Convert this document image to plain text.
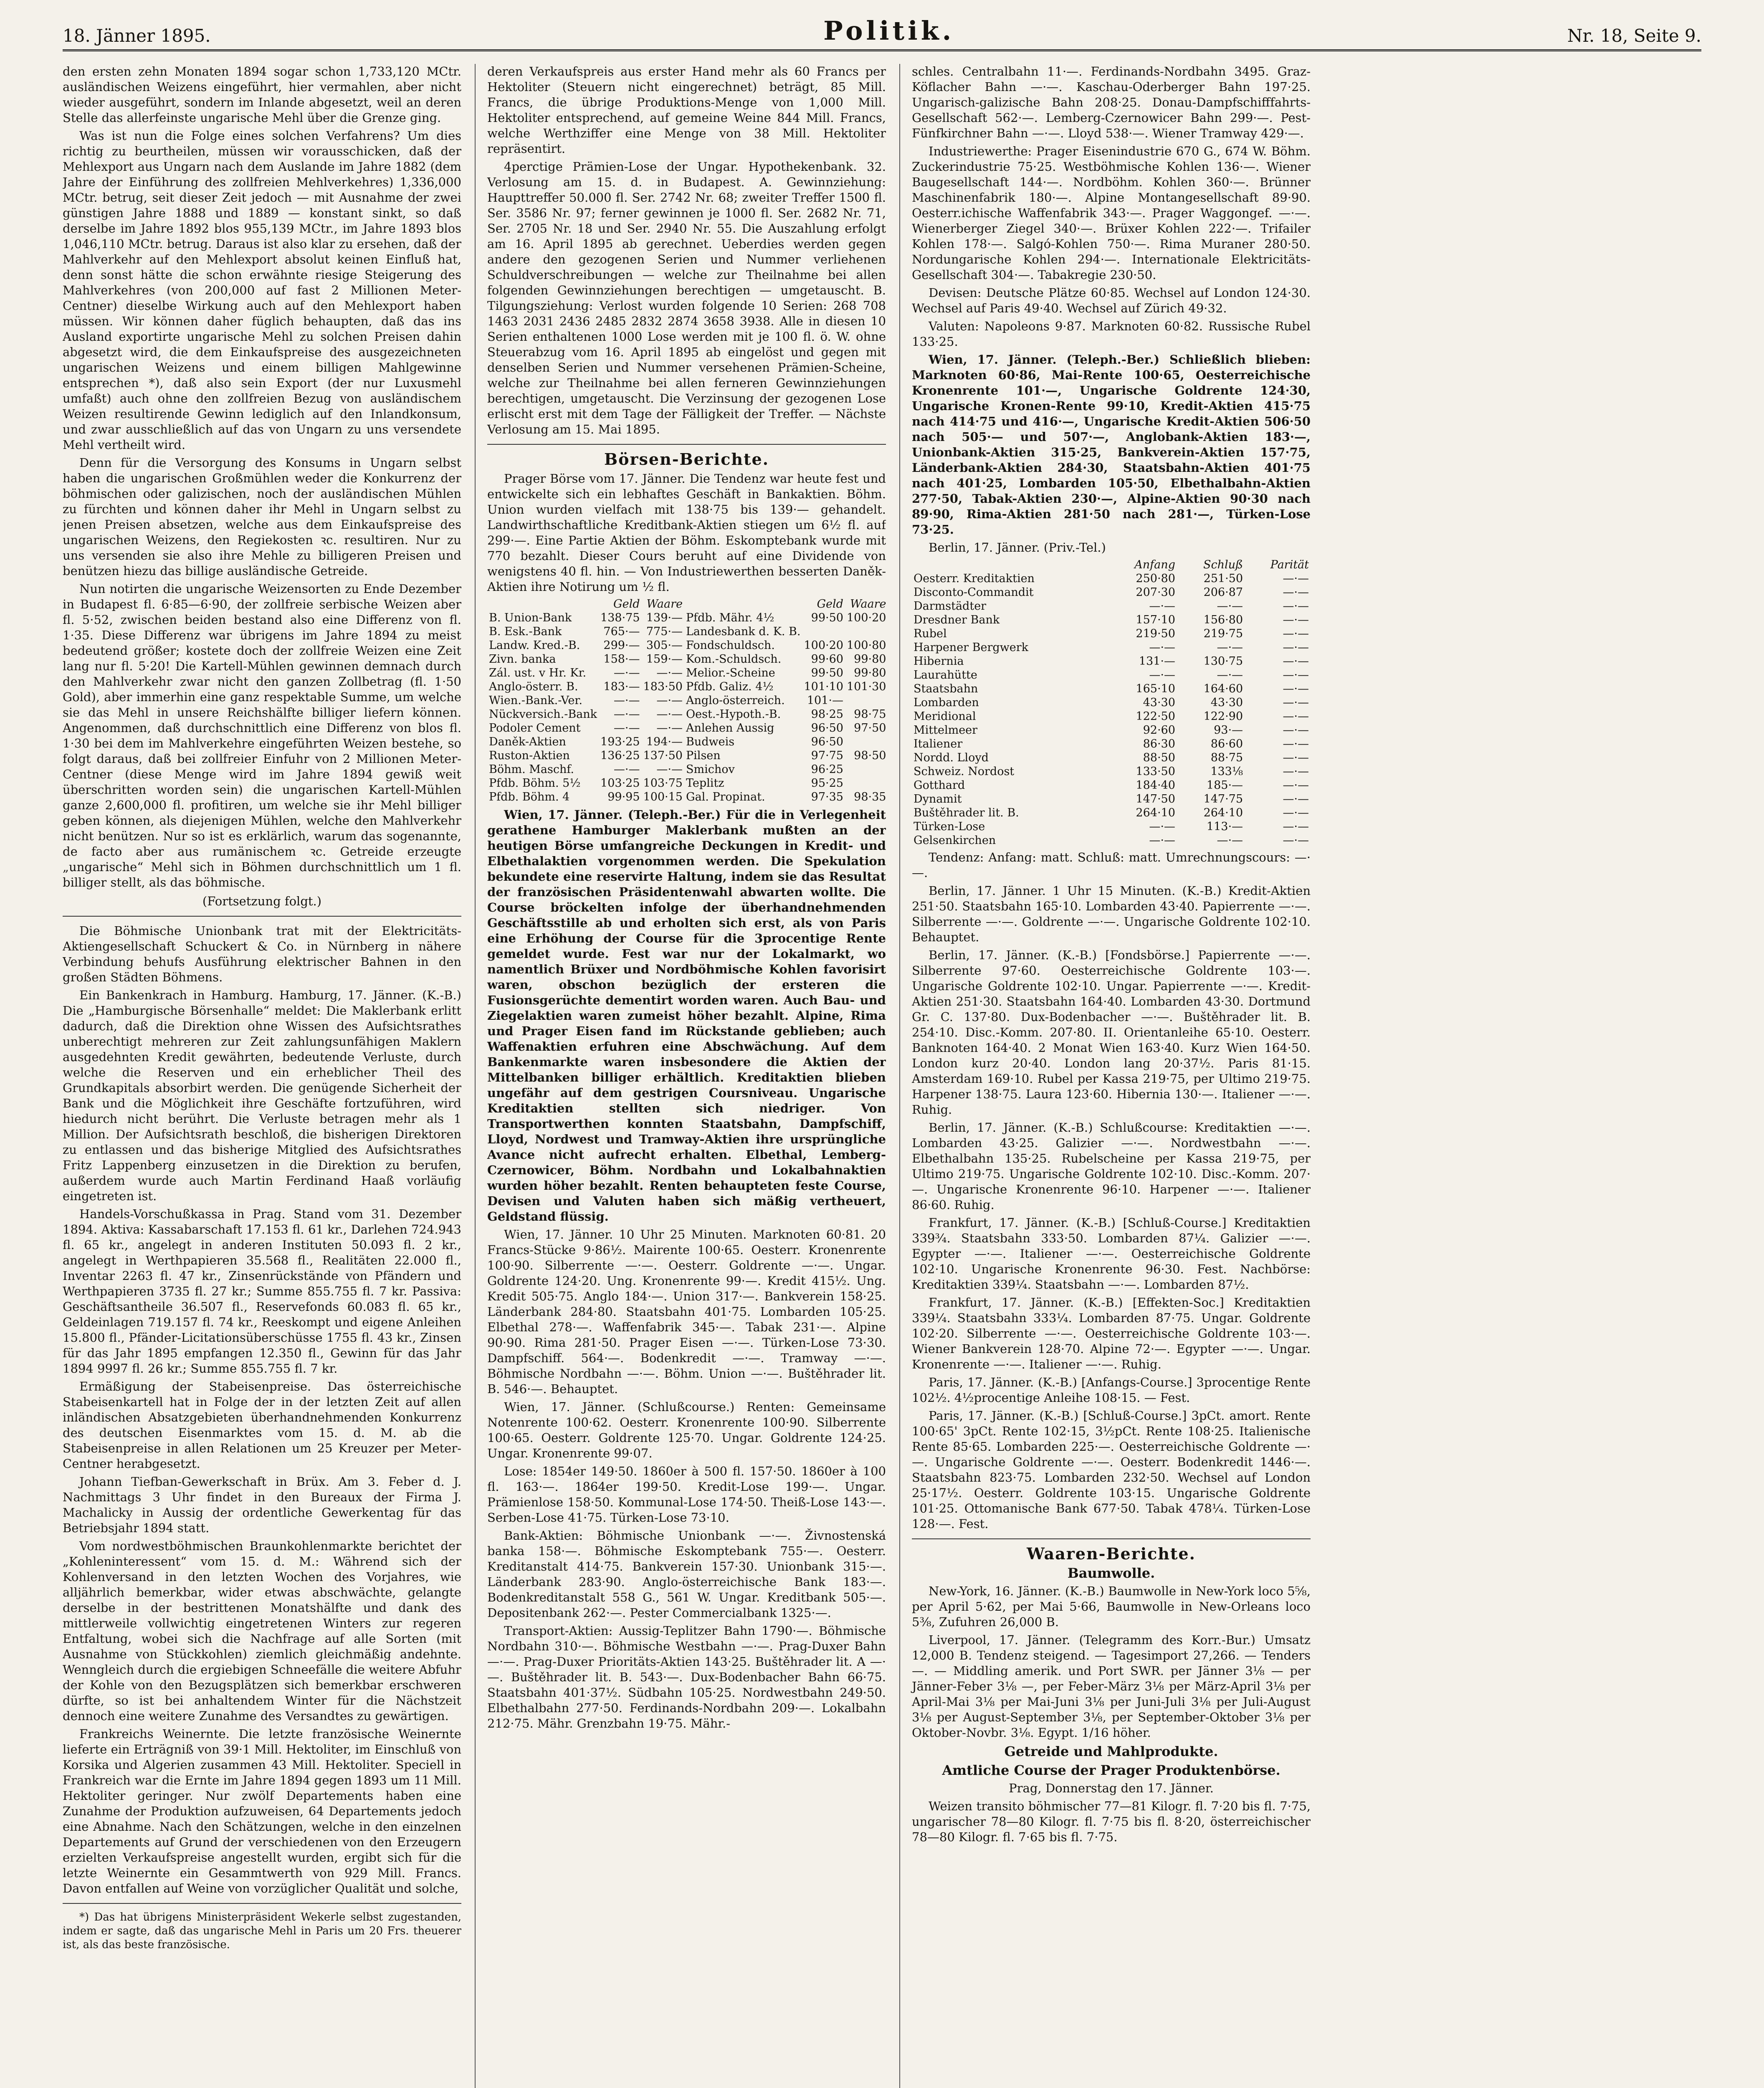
18. Jänner 1895.	Politik.	Nr. 18, Seite 9.

den ersten zehn Monaten 1894 sogar schon 1,733,120 MCtr. ausländischen Weizens eingeführt, hier vermahlen, aber nicht wieder ausgeführt, sondern im Inlande abgesetzt, weil an deren Stelle das allerfeinste ungarische Mehl über die Grenze ging.

Was ist nun die Folge eines solchen Verfahrens? Um dies richtig zu beurtheilen, müssen wir vorausschicken, daß der Mehlexport aus Ungarn nach dem Auslande im Jahre 1882 (dem Jahre der Einführung des zollfreien Mehlverkehres) 1,336,000 MCtr. betrug, seit dieser Zeit jedoch — mit Ausnahme der zwei günstigen Jahre 1888 und 1889 — konstant sinkt, so daß derselbe im Jahre 1892 blos 955,139 MCtr., im Jahre 1893 blos 1,046,110 MCtr. betrug. Daraus ist also klar zu ersehen, daß der Mahlverkehr auf den Mehlexport absolut keinen Einfluß hat, denn sonst hätte die schon erwähnte riesige Steigerung des Mahlverkehres (von 200,000 auf fast 2 Millionen Meter-Centner) dieselbe Wirkung auch auf den Mehlexport haben müssen. Wir können daher füglich behaupten, daß das ins Ausland exportirte ungarische Mehl zu solchen Preisen dahin abgesetzt wird, die dem Einkaufspreise des ausgezeichneten ungarischen Weizens und einem billigen Mahlgewinne entsprechen *), daß also sein Export (der nur Luxusmehl umfaßt) auch ohne den zollfreien Bezug von ausländischem Weizen resultirende Gewinn lediglich auf den Inlandkonsum, und zwar ausschließlich auf das von Ungarn zu uns versendete Mehl vertheilt wird.

Denn für die Versorgung des Konsums in Ungarn selbst haben die ungarischen Großmühlen weder die Konkurrenz der böhmischen oder galizischen, noch der ausländischen Mühlen zu fürchten und können daher ihr Mehl in Ungarn selbst zu jenen Preisen absetzen, welche aus dem Einkaufspreise des ungarischen Weizens, den Regiekosten ꝛc. resultiren. Nur zu uns versenden sie also ihre Mehle zu billigeren Preisen und benützen hiezu das billige ausländische Getreide.

Nun notirten die ungarische Weizensorten zu Ende Dezember in Budapest fl. 6·85—6·90, der zollfreie serbische Weizen aber fl. 5·52, zwischen beiden bestand also eine Differenz von fl. 1·35. Diese Differenz war übrigens im Jahre 1894 zu meist bedeutend größer; kostete doch der zollfreie Weizen eine Zeit lang nur fl. 5·20! Die Kartell-Mühlen gewinnen demnach durch den Mahlverkehr zwar nicht den ganzen Zollbetrag (fl. 1·50 Gold), aber immerhin eine ganz respektable Summe, um welche sie das Mehl in unsere Reichshälfte billiger liefern können. Angenommen, daß durchschnittlich eine Differenz von blos fl. 1·30 bei dem im Mahlverkehre eingeführten Weizen bestehe, so folgt daraus, daß bei zollfreier Einfuhr von 2 Millionen Meter-Centner (diese Menge wird im Jahre 1894 gewiß weit überschritten worden sein) die ungarischen Kartell-Mühlen ganze 2,600,000 fl. profitiren, um welche sie ihr Mehl billiger geben können, als diejenigen Mühlen, welche den Mahlverkehr nicht benützen. Nur so ist es erklärlich, warum das sogenannte, de facto aber aus rumänischem ꝛc. Getreide erzeugte „ungarische“ Mehl sich in Böhmen durchschnittlich um 1 fl. billiger stellt, als das böhmische.

(Fortsetzung folgt.)

Die Böhmische Unionbank trat mit der Elektricitäts-Aktiengesellschaft Schuckert & Co. in Nürnberg in nähere Verbindung behufs Ausführung elektrischer Bahnen in den großen Städten Böhmens.

Ein Bankenkrach in Hamburg. Hamburg, 17. Jänner. (K.-B.) Die „Hamburgische Börsenhalle“ meldet: Die Maklerbank erlitt dadurch, daß die Direktion ohne Wissen des Aufsichtsrathes unberechtigt mehreren zur Zeit zahlungsunfähigen Maklern ausgedehnten Kredit gewährten, bedeutende Verluste, durch welche die Reserven und ein erheblicher Theil des Grundkapitals absorbirt werden. Die genügende Sicherheit der Bank und die Möglichkeit ihre Geschäfte fortzuführen, wird hiedurch nicht berührt. Die Verluste betragen mehr als 1 Million. Der Aufsichtsrath beschloß, die bisherigen Direktoren zu entlassen und das bisherige Mitglied des Aufsichtsrathes Fritz Lappenberg einzusetzen in die Direktion zu berufen, außerdem wurde auch Martin Ferdinand Haaß vorläufig eingetreten ist.

Handels-Vorschußkassa in Prag. Stand vom 31. Dezember 1894. Aktiva: Kassabarschaft 17.153 fl. 61 kr., Darlehen 724.943 fl. 65 kr., angelegt in anderen Instituten 50.093 fl. 2 kr., angelegt in Werthpapieren 35.568 fl., Realitäten 22.000 fl., Inventar 2263 fl. 47 kr., Zinsenrückstände von Pfändern und Werthpapieren 3735 fl. 27 kr.; Summe 855.755 fl. 7 kr. Passiva: Geschäftsantheile 36.507 fl., Reservefonds 60.083 fl. 65 kr., Geldeinlagen 719.157 fl. 74 kr., Reeskompt und eigene Anleihen 15.800 fl., Pfänder-Licitationsüberschüsse 1755 fl. 43 kr., Zinsen für das Jahr 1895 empfangen 12.350 fl., Gewinn für das Jahr 1894 9997 fl. 26 kr.; Summe 855.755 fl. 7 kr.

Ermäßigung der Stabeisenpreise. Das österreichische Stabeisenkartell hat in Folge der in der letzten Zeit auf allen inländischen Absatzgebieten überhandnehmenden Konkurrenz des deutschen Eisenmarktes vom 15. d. M. ab die Stabeisenpreise in allen Relationen um 25 Kreuzer per Meter-Centner herabgesetzt.

Johann Tiefban-Gewerkschaft in Brüx. Am 3. Feber d. J. Nachmittags 3 Uhr findet in den Bureaux der Firma J. Machalicky in Aussig der ordentliche Gewerkentag für das Betriebsjahr 1894 statt.

Vom nordwestböhmischen Braunkohlenmarkte berichtet der „Kohleninteressent“ vom 15. d. M.: Während sich der Kohlenversand in den letzten Wochen des Vorjahres, wie alljährlich bemerkbar, wider etwas abschwächte, gelangte derselbe in der bestrittenen Monatshälfte und dank des mittlerweile vollwichtig eingetretenen Winters zur regeren Entfaltung, wobei sich die Nachfrage auf alle Sorten (mit Ausnahme von Stückkohlen) ziemlich gleichmäßig andehnte. Wenngleich durch die ergiebigen Schneefälle die weitere Abfuhr der Kohle von den Bezugsplätzen sich bemerkbar erschweren dürfte, so ist bei anhaltendem Winter für die Nächstzeit dennoch eine weitere Zunahme des Versandtes zu gewärtigen.

Frankreichs Weinernte. Die letzte französische Weinernte lieferte ein Erträgniß von 39·1 Mill. Hektoliter, im Einschluß von Korsika und Algerien zusammen 43 Mill. Hektoliter. Speciell in Frankreich war die Ernte im Jahre 1894 gegen 1893 um 11 Mill. Hektoliter geringer. Nur zwölf Departements haben eine Zunahme der Produktion aufzuweisen, 64 Departements jedoch eine Abnahme. Nach den Schätzungen, welche in den einzelnen Departements auf Grund der verschiedenen von den Erzeugern erzielten Verkaufspreise angestellt wurden, ergibt sich für die letzte Weinernte ein Gesammtwerth von 929 Mill. Francs. Davon entfallen auf Weine von vorzüglicher Qualität und solche,

*) Das hat übrigens Ministerpräsident Wekerle selbst zugestanden, indem er sagte, daß das ungarische Mehl in Paris um 20 Frs. theuerer ist, als das beste französische.

deren Verkaufspreis aus erster Hand mehr als 60 Francs per Hektoliter (Steuern nicht eingerechnet) beträgt, 85 Mill. Francs, die übrige Produktions-Menge von 1,000 Mill. Hektoliter entsprechend, auf gemeine Weine 844 Mill. Francs, welche Werthziffer eine Menge von 38 Mill. Hektoliter repräsentirt.

4perctige Prämien-Lose der Ungar. Hypothekenbank. 32. Verlosung am 15. d. in Budapest. A. Gewinnziehung: Haupttreffer 50.000 fl. Ser. 2742 Nr. 68; zweiter Treffer 1500 fl. Ser. 3586 Nr. 97; ferner gewinnen je 1000 fl. Ser. 2682 Nr. 71, Ser. 2705 Nr. 18 und Ser. 2940 Nr. 55. Die Auszahlung erfolgt am 16. April 1895 ab gerechnet. Ueberdies werden gegen andere den gezogenen Serien und Nummer verliehenen Schuldverschreibungen — welche zur Theilnahme bei allen folgenden Gewinnziehungen berechtigen — umgetauscht. B. Tilgungsziehung: Verlost wurden folgende 10 Serien: 268 708 1463 2031 2436 2485 2832 2874 3658 3938. Alle in diesen 10 Serien enthaltenen 1000 Lose werden mit je 100 fl. ö. W. ohne Steuerabzug vom 16. April 1895 ab eingelöst und gegen mit denselben Serien und Nummer versehenen Prämien-Scheine, welche zur Theilnahme bei allen ferneren Gewinnziehungen berechtigen, umgetauscht. Die Verzinsung der gezogenen Lose erlischt erst mit dem Tage der Fälligkeit der Treffer. — Nächste Verlosung am 15. Mai 1895.

Börsen-Berichte.

Prager Börse vom 17. Jänner. Die Tendenz war heute fest und entwickelte sich ein lebhaftes Geschäft in Bankaktien. Böhm. Union wurden vielfach mit 138·75 bis 139·— gehandelt. Landwirthschaftliche Kreditbank-Aktien stiegen um 6½ fl. auf 299·—. Eine Partie Aktien der Böhm. Eskomptebank wurde mit 770 bezahlt. Dieser Cours beruht auf eine Dividende von wenigstens 40 fl. hin. — Von Industriewerthen besserten Daněk-Aktien ihre Notirung um ½ fl.

	Geld	Waare		Geld	Waare
B. Union-Bank	138·75	139·—	Pfdb. Mähr. 4½	99·50	100·20
B. Esk.-Bank	765·—	775·—	Landesbank d. K. B.		
Landw. Kred.-B.	299·—	305·—	Fondschuldsch.	100·20	100·80
Zivn. banka	158·—	159·—	Kom.-Schuldsch.	99·60	99·80
Zál. ust. v Hr. Kr.	—·—	—·—	Melior.-Scheine	99·50	99·80
Anglo-österr. B.	183·—	183·50	Pfdb. Galiz. 4½	101·10	101·30
Wien.-Bank.-Ver.	—·—	—·—	Anglo-österreich.	101·—	
Nückversich.-Bank	—·—	—·—	Oest.-Hypoth.-B.	98·25	98·75
Podoler Cement	—·—	—·—	Anlehen Aussig	96·50	97·50
Daněk-Aktien	193·25	194·—	Budweis	96·50	
Ruston-Aktien	136·25	137·50	Pilsen	97·75	98·50
Böhm. Maschf.	—·—	—·—	Smichov	96·25	
Pfdb. Böhm. 5½	103·25	103·75	Teplitz	95·25	
Pfdb. Böhm. 4	99·95	100·15	Gal. Propinat.	97·35	98·35

Wien, 17. Jänner. (Teleph.-Ber.) Für die in Verlegenheit gerathene Hamburger Maklerbank mußten an der heutigen Börse umfangreiche Deckungen in Kredit- und Elbethalaktien vorgenommen werden. Die Spekulation bekundete eine reservirte Haltung, indem sie das Resultat der französischen Präsidentenwahl abwarten wollte. Die Course bröckelten infolge der überhandnehmenden Geschäftsstille ab und erholten sich erst, als von Paris eine Erhöhung der Course für die 3procentige Rente gemeldet wurde. Fest war nur der Lokalmarkt, wo namentlich Brüxer und Nordböhmische Kohlen favorisirt waren, obschon bezüglich der ersteren die Fusionsgerüchte dementirt worden waren. Auch Bau- und Ziegelaktien waren zumeist höher bezahlt. Alpine, Rima und Prager Eisen fand im Rückstande geblieben; auch Waffenaktien erfuhren eine Abschwächung. Auf dem Bankenmarkte waren insbesondere die Aktien der Mittelbanken billiger erhältlich. Kreditaktien blieben ungefähr auf dem gestrigen Coursniveau. Ungarische Kreditaktien stellten sich niedriger. Von Transportwerthen konnten Staatsbahn, Dampfschiff, Lloyd, Nordwest und Tramway-Aktien ihre ursprüngliche Avance nicht aufrecht erhalten. Elbethal, Lemberg-Czernowicer, Böhm. Nordbahn und Lokalbahnaktien wurden höher bezahlt. Renten behaupteten feste Course, Devisen und Valuten haben sich mäßig vertheuert, Geldstand flüssig.

Wien, 17. Jänner. 10 Uhr 25 Minuten. Marknoten 60·81. 20 Francs-Stücke 9·86½. Mairente 100·65. Oesterr. Kronenrente 100·90. Silberrente —·—. Oesterr. Goldrente —·—. Ungar. Goldrente 124·20. Ung. Kronenrente 99·—. Kredit 415½. Ung. Kredit 505·75. Anglo 184·—. Union 317·—. Bankverein 158·25. Länderbank 284·80. Staatsbahn 401·75. Lombarden 105·25. Elbethal 278·—. Waffenfabrik 345·—. Tabak 231·—. Alpine 90·90. Rima 281·50. Prager Eisen —·—. Türken-Lose 73·30. Dampfschiff. 564·—. Bodenkredit —·—. Tramway —·—. Böhmische Nordbahn —·—. Böhm. Union —·—. Buštěhrader lit. B. 546·—. Behauptet.

Wien, 17. Jänner. (Schlußcourse.) Renten: Gemeinsame Notenrente 100·62. Oesterr. Kronenrente 100·90. Silberrente 100·65. Oesterr. Goldrente 125·70. Ungar. Goldrente 124·25. Ungar. Kronenrente 99·07.

Lose: 1854er 149·50. 1860er à 500 fl. 157·50. 1860er à 100 fl. 163·—. 1864er 199·50. Kredit-Lose 199·—. Ungar. Prämienlose 158·50. Kommunal-Lose 174·50. Theiß-Lose 143·—. Serben-Lose 41·75. Türken-Lose 73·10.

Bank-Aktien: Böhmische Unionbank —·—. Živnostenská banka 158·—. Böhmische Eskomptebank 755·—. Oesterr. Kreditanstalt 414·75. Bankverein 157·30. Unionbank 315·—. Länderbank 283·90. Anglo-österreichische Bank 183·—. Bodenkreditanstalt 558 G., 561 W. Ungar. Kreditbank 505·—. Depositenbank 262·—. Pester Commercialbank 1325·—.

Transport-Aktien: Aussig-Teplitzer Bahn 1790·—. Böhmische Nordbahn 310·—. Böhmische Westbahn —·—. Prag-Duxer Bahn —·—. Prag-Duxer Prioritäts-Aktien 143·25. Buštěhrader lit. A —·—. Buštěhrader lit. B. 543·—. Dux-Bodenbacher Bahn 66·75. Staatsbahn 401·37½. Südbahn 105·25. Nordwestbahn 249·50. Elbethalbahn 277·50. Ferdinands-Nordbahn 209·—. Lokalbahn 212·75. Mähr. Grenzbahn 19·75. Mähr.-

schles. Centralbahn 11·—. Ferdinands-Nordbahn 3495. Graz-Köflacher Bahn —·—. Kaschau-Oderberger Bahn 197·25. Ungarisch-galizische Bahn 208·25. Donau-Dampfschifffahrts-Gesellschaft 562·—. Lemberg-Czernowicer Bahn 299·—. Pest-Fünfkirchner Bahn —·—. Lloyd 538·—. Wiener Tramway 429·—.

Industriewerthe: Prager Eisenindustrie 670 G., 674 W. Böhm. Zuckerindustrie 75·25. Westböhmische Kohlen 136·—. Wiener Baugesellschaft 144·—. Nordböhm. Kohlen 360·—. Brünner Maschinenfabrik 180·—. Alpine Montangesellschaft 89·90. Oesterr.ichische Waffenfabrik 343·—. Prager Waggongef. —·—. Wienerberger Ziegel 340·—. Brüxer Kohlen 222·—. Trifailer Kohlen 178·—. Salgó-Kohlen 750·—. Rima Muraner 280·50. Nordungarische Kohlen 294·—. Internationale Elektricitäts-Gesellschaft 304·—. Tabakregie 230·50.

Devisen: Deutsche Plätze 60·85. Wechsel auf London 124·30. Wechsel auf Paris 49·40. Wechsel auf Zürich 49·32.

Valuten: Napoleons 9·87. Marknoten 60·82. Russische Rubel 133·25.

Wien, 17. Jänner. (Teleph.-Ber.) Schließlich blieben: Marknoten 60·86, Mai-Rente 100·65, Oesterreichische Kronenrente 101·—, Ungarische Goldrente 124·30, Ungarische Kronen-Rente 99·10, Kredit-Aktien 415·75 nach 414·75 und 416·—, Ungarische Kredit-Aktien 506·50 nach 505·— und 507·—, Anglobank-Aktien 183·—, Unionbank-Aktien 315·25, Bankverein-Aktien 157·75, Länderbank-Aktien 284·30, Staatsbahn-Aktien 401·75 nach 401·25, Lombarden 105·50, Elbethalbahn-Aktien 277·50, Tabak-Aktien 230·—, Alpine-Aktien 90·30 nach 89·90, Rima-Aktien 281·50 nach 281·—, Türken-Lose 73·25.

Berlin, 17. Jänner. (Priv.-Tel.)

	Anfang	Schluß	Parität
Oesterr. Kreditaktien	250·80	251·50	—·—
Disconto-Commandit	207·30	206·87	—·—
Darmstädter	—·—	—·—	—·—
Dresdner Bank	157·10	156·80	—·—
Rubel	219·50	219·75	—·—
Harpener Bergwerk	—·—	—·—	—·—
Hibernia	131·—	130·75	—·—
Laurahütte	—·—	—·—	—·—
Staatsbahn	165·10	164·60	—·—
Lombarden	43·30	43·30	—·—
Meridional	122·50	122·90	—·—
Mittelmeer	92·60	93·—	—·—
Italiener	86·30	86·60	—·—
Nordd. Lloyd	88·50	88·75	—·—
Schweiz. Nordost	133·50	133⅛	—·—
Gotthard	184·40	185·—	—·—
Dynamit	147·50	147·75	—·—
Buštěhrader lit. B.	264·10	264·10	—·—
Türken-Lose	—·—	113·—	—·—
Gelsenkirchen	—·—	—·—	—·—

Tendenz: Anfang: matt. Schluß: matt. Umrechnungscours: —·—.

Berlin, 17. Jänner. 1 Uhr 15 Minuten. (K.-B.) Kredit-Aktien 251·50. Staatsbahn 165·10. Lombarden 43·40. Papierrente —·—. Silberrente —·—. Goldrente —·—. Ungarische Goldrente 102·10. Behauptet.

Berlin, 17. Jänner. (K.-B.) [Fondsbörse.] Papierrente —·—. Silberrente 97·60. Oesterreichische Goldrente 103·—. Ungarische Goldrente 102·10. Ungar. Papierrente —·—. Kredit-Aktien 251·30. Staatsbahn 164·40. Lombarden 43·30. Dortmund Gr. C. 137·80. Dux-Bodenbacher —·—. Buštěhrader lit. B. 254·10. Disc.-Komm. 207·80. II. Orientanleihe 65·10. Oesterr. Banknoten 164·40. 2 Monat Wien 163·40. Kurz Wien 164·50. London kurz 20·40. London lang 20·37½. Paris 81·15. Amsterdam 169·10. Rubel per Kassa 219·75, per Ultimo 219·75. Harpener 138·75. Laura 123·60. Hibernia 130·—. Italiener —·—. Ruhig.

Berlin, 17. Jänner. (K.-B.) Schlußcourse: Kreditaktien —·—. Lombarden 43·25. Galizier —·—. Nordwestbahn —·—. Elbethalbahn 135·25. Rubelscheine per Kassa 219·75, per Ultimo 219·75. Ungarische Goldrente 102·10. Disc.-Komm. 207·—. Ungarische Kronenrente 96·10. Harpener —·—. Italiener 86·60. Ruhig.

Frankfurt, 17. Jänner. (K.-B.) [Schluß-Course.] Kreditaktien 339¾. Staatsbahn 333·50. Lombarden 87¼. Galizier —·—. Egypter —·—. Italiener —·—. Oesterreichische Goldrente 102·10. Ungarische Kronenrente 96·30. Fest. Nachbörse: Kreditaktien 339¼. Staatsbahn —·—. Lombarden 87½.

Frankfurt, 17. Jänner. (K.-B.) [Effekten-Soc.] Kreditaktien 339¼. Staatsbahn 333¼. Lombarden 87·75. Ungar. Goldrente 102·20. Silberrente —·—. Oesterreichische Goldrente 103·—. Wiener Bankverein 128·70. Alpine 72·—. Egypter —·—. Ungar. Kronenrente —·—. Italiener —·—. Ruhig.

Paris, 17. Jänner. (K.-B.) [Anfangs-Course.] 3procentige Rente 102½. 4½procentige Anleihe 108·15. — Fest.

Paris, 17. Jänner. (K.-B.) [Schluß-Course.] 3pCt. amort. Rente 100·65' 3pCt. Rente 102·15, 3½pCt. Rente 108·25. Italienische Rente 85·65. Lombarden 225·—. Oesterreichische Goldrente —·—. Ungarische Goldrente —·—. Oesterr. Bodenkredit 1446·—. Staatsbahn 823·75. Lombarden 232·50. Wechsel auf London 25·17½. Oesterr. Goldrente 103·15. Ungarische Goldrente 101·25. Ottomanische Bank 677·50. Tabak 478¼. Türken-Lose 128·—. Fest.

Waaren-Berichte.
Baumwolle.

New-York, 16. Jänner. (K.-B.) Baumwolle in New-York loco 5⅝, per April 5·62, per Mai 5·66, Baumwolle in New-Orleans loco 5⅜, Zufuhren 26,000 B.

Liverpool, 17. Jänner. (Telegramm des Korr.-Bur.) Umsatz 12,000 B. Tendenz steigend. — Tagesimport 27,266. — Tenders —. — Middling amerik. und Port SWR. per Jänner 3⅛ — per Jänner-Feber 3⅛ —, per Feber-März 3⅛ per März-April 3⅛ per April-Mai 3⅛ per Mai-Juni 3⅛ per Juni-Juli 3⅛ per Juli-August 3⅛ per August-September 3⅛, per September-Oktober 3⅛ per Oktober-Novbr. 3⅛. Egypt. 1/16 höher.

Getreide und Mahlprodukte.
Amtliche Course der Prager Produktenbörse.

Prag, Donnerstag den 17. Jänner.

Weizen transito böhmischer 77—81 Kilogr. fl. 7·20 bis fl. 7·75, ungarischer 78—80 Kilogr. fl. 7·75 bis fl. 8·20, österreichischer 78—80 Kilogr. fl. 7·65 bis fl. 7·75.
